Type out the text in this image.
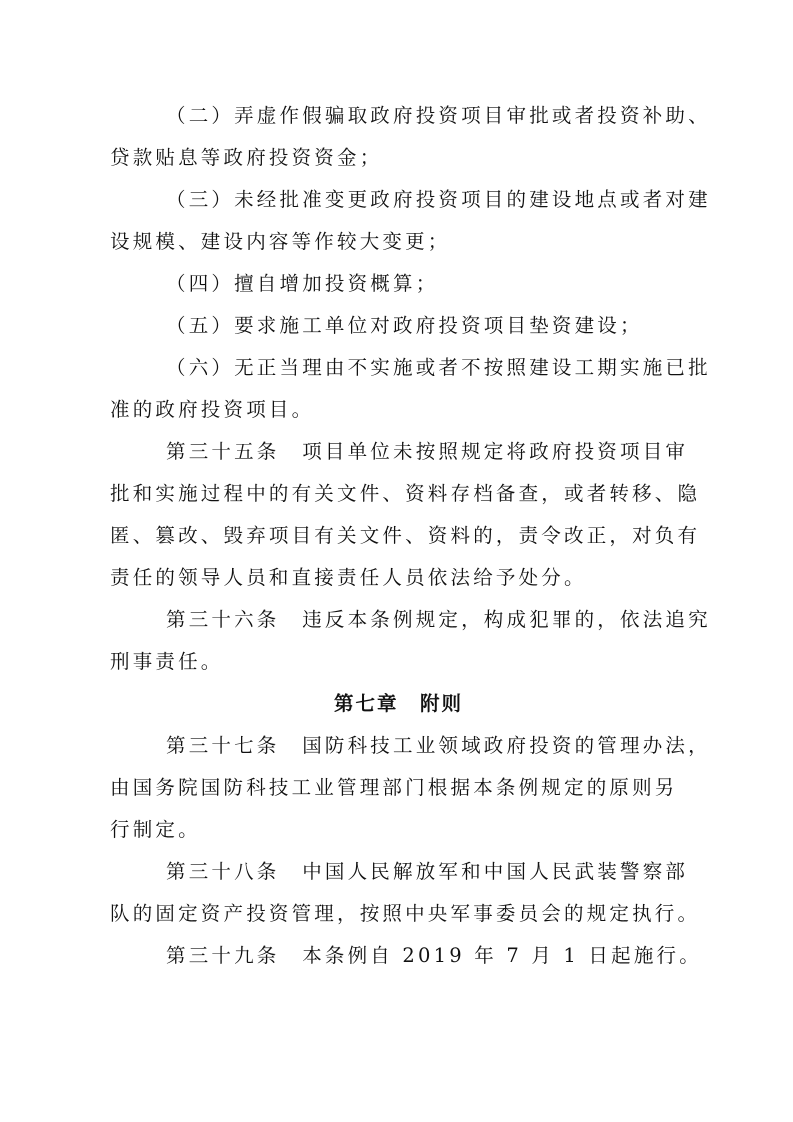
（二）弄虚作假骗取政府投资项目审批或者投资补助、
贷款贴息等政府投资资金；
（三）未经批准变更政府投资项目的建设地点或者对建
设规模、建设内容等作较大变更；
（四）擅自增加投资概算；
（五）要求施工单位对政府投资项目垫资建设；
（六）无正当理由不实施或者不按照建设工期实施已批
准的政府投资项目。
第三十五条　项目单位未按照规定将政府投资项目审
批和实施过程中的有关文件、资料存档备查，或者转移、隐
匿、篡改、毁弃项目有关文件、资料的，责令改正，对负有
责任的领导人员和直接责任人员依法给予处分。
第三十六条　违反本条例规定，构成犯罪的，依法追究
刑事责任。
第七章　附则
第三十七条　国防科技工业领域政府投资的管理办法，
由国务院国防科技工业管理部门根据本条例规定的原则另
行制定。
第三十八条　中国人民解放军和中国人民武装警察部
队的固定资产投资管理，按照中央军事委员会的规定执行。
第三十九条　本条例自 2019 年 7 月 1 日起施行。
